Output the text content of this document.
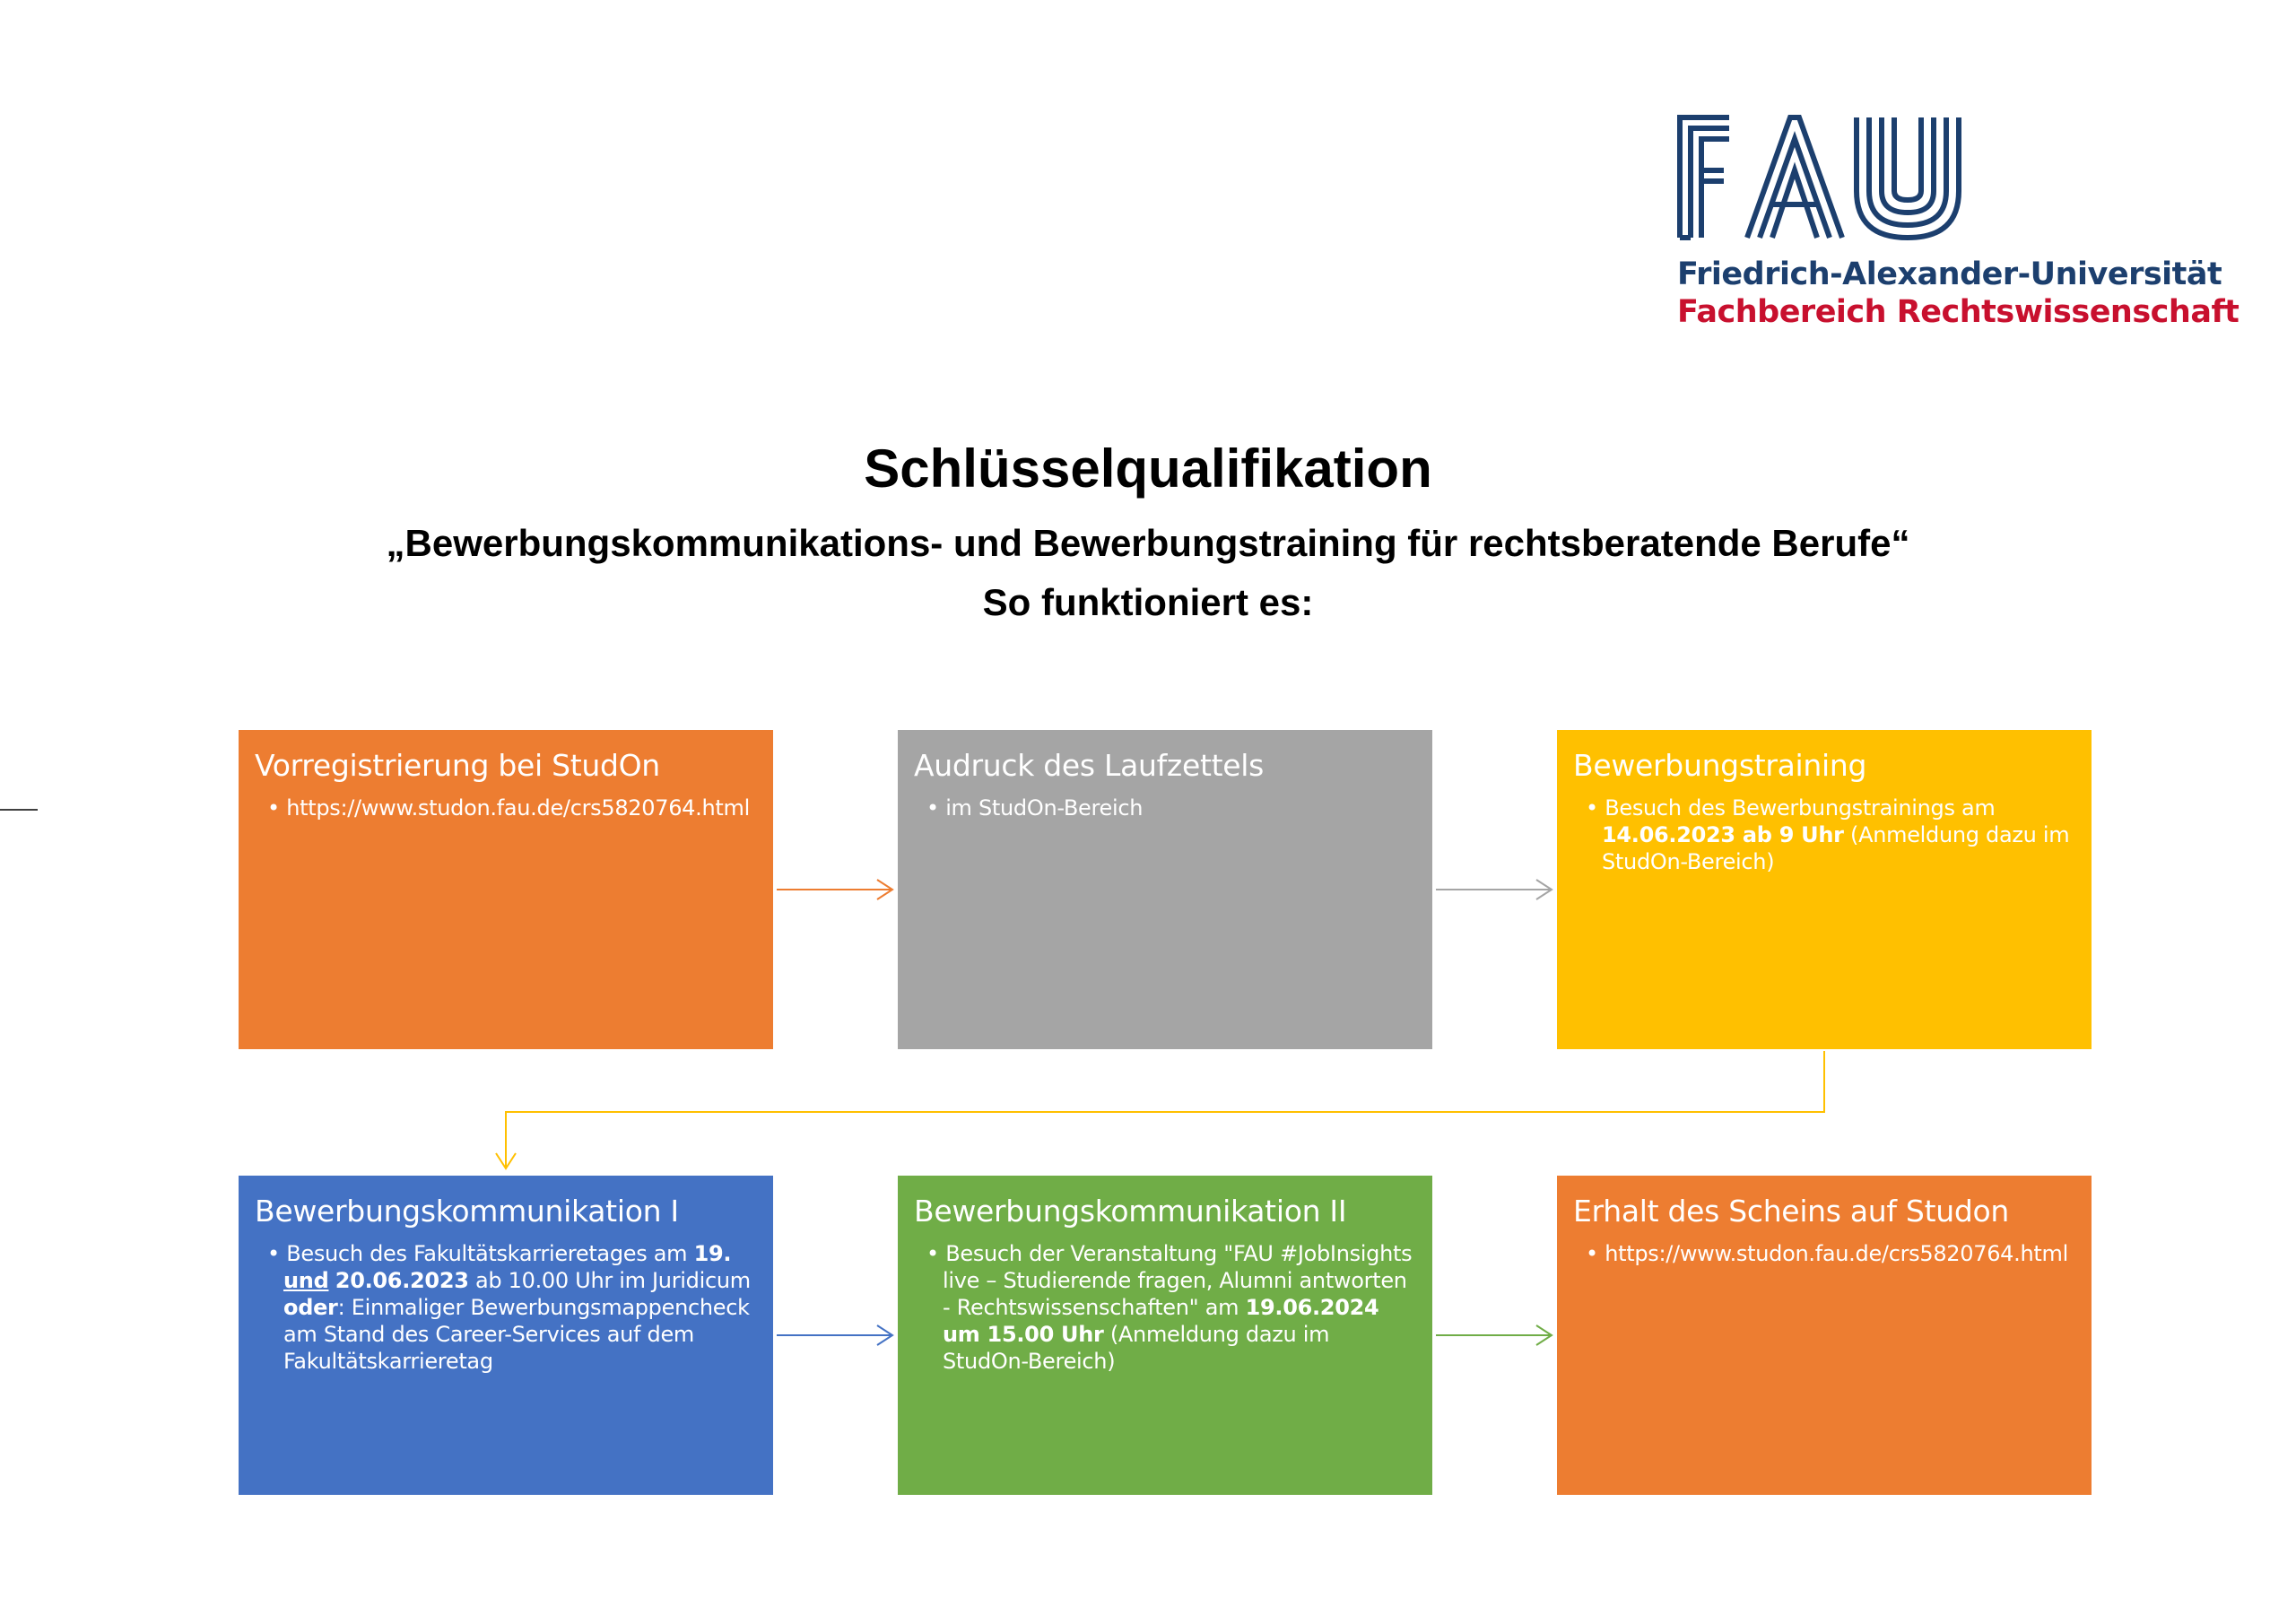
Friedrich-Alexander-Universität
Fachbereich Rechtswissenschaft
Schlüsselqualifikation
„Bewerbungskommunikations- und Bewerbungstraining für rechtsberatende Berufe“
So funktioniert es:
Vorregistrierung bei StudOn
• https://www.studon.fau.de/crs5820764.html
Audruck des Laufzettels
• im StudOn-Bereich
Bewerbungstraining
• Besuch des Bewerbungstrainings am 14.06.2023 ab 9 Uhr (Anmeldung dazu im StudOn-Bereich)
Bewerbungskommunikation I
• Besuch des Fakultätskarrieretages am 19. und 20.06.2023 ab 10.00 Uhr im Juridicum oder: Einmaliger Bewerbungsmappencheck am Stand des Career-Services auf dem Fakultätskarrieretag
Bewerbungskommunikation II
• Besuch der Veranstaltung "FAU #JobInsights live – Studierende fragen, Alumni antworten - Rechtswissenschaften" am 19.06.2024 um 15.00 Uhr (Anmeldung dazu im StudOn-Bereich)
Erhalt des Scheins auf Studon
• https://www.studon.fau.de/crs5820764.html
